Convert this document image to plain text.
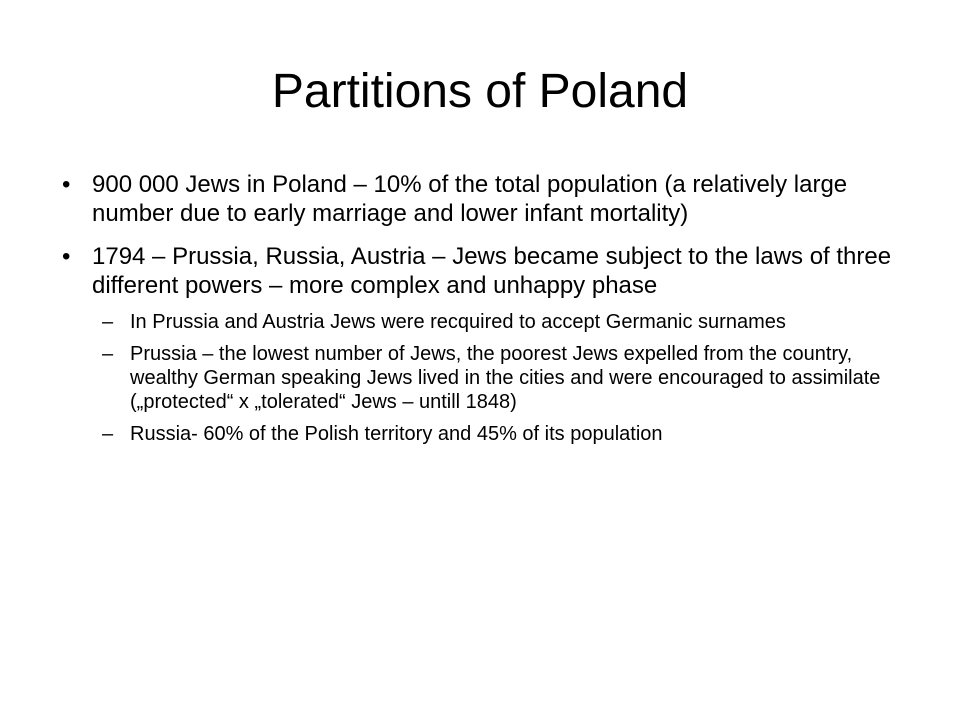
Partitions of Poland
• 900 000 Jews in Poland – 10% of the total population (a relatively large number due to early marriage and lower infant mortality)
• 1794 – Prussia, Russia, Austria – Jews became subject to the laws of three different powers – more complex and unhappy phase
– In Prussia and Austria Jews were recquired to accept Germanic surnames
– Prussia – the lowest number of Jews, the poorest Jews expelled from the country, wealthy German speaking Jews lived in the cities and were encouraged to assimilate („protected“ x „tolerated“ Jews – untill 1848)
– Russia- 60% of the Polish territory and 45% of its population
